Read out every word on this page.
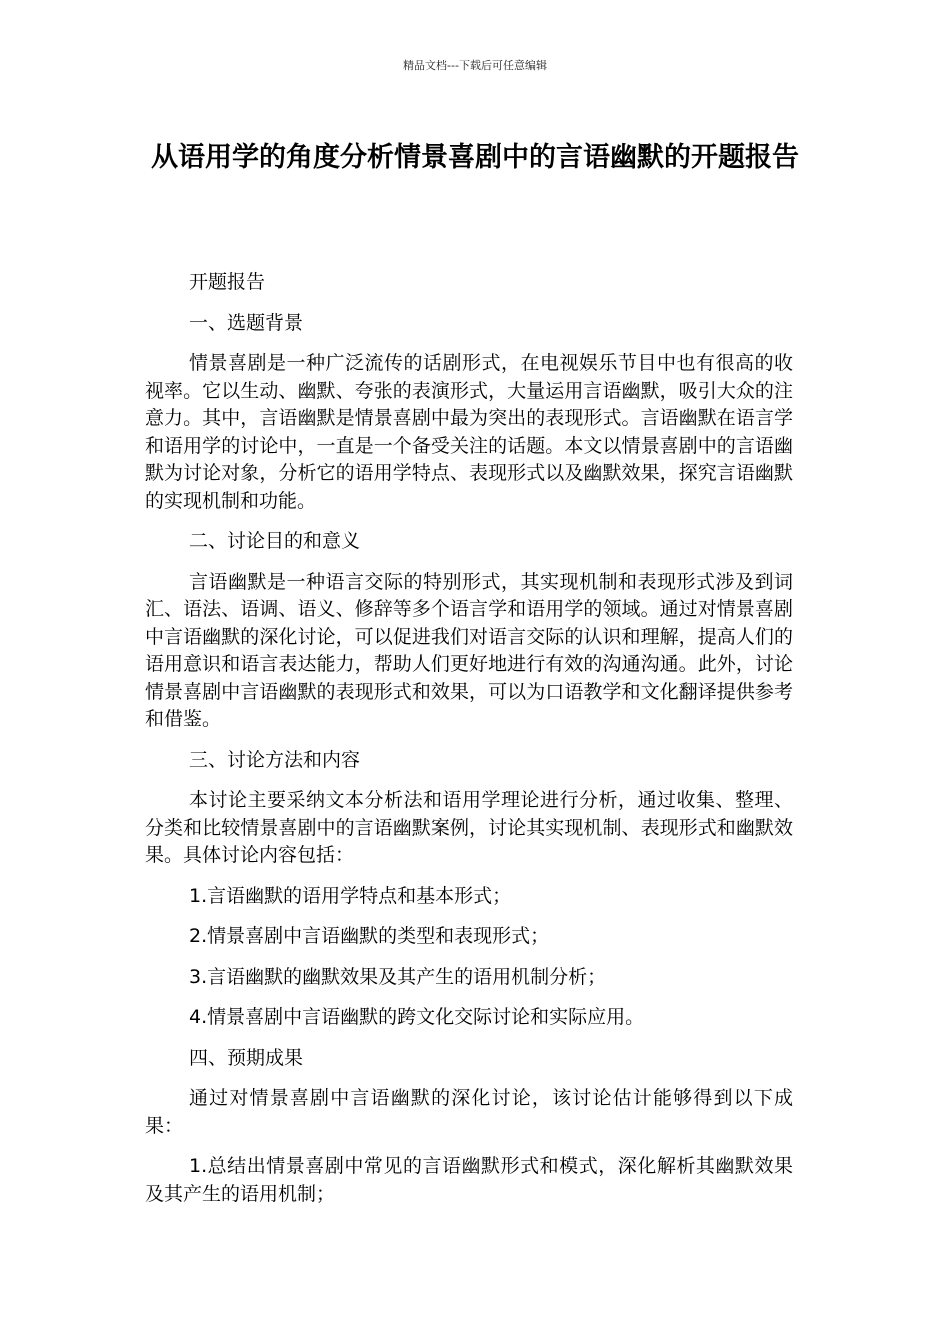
精品文档---下载后可任意编辑
从语用学的角度分析情景喜剧中的言语幽默的开题报告

开题报告

一、选题背景

情景喜剧是一种广泛流传的话剧形式，在电视娱乐节目中也有很高的收视率。它以生动、幽默、夸张的表演形式，大量运用言语幽默，吸引大众的注意力。其中，言语幽默是情景喜剧中最为突出的表现形式。言语幽默在语言学和语用学的讨论中，一直是一个备受关注的话题。本文以情景喜剧中的言语幽默为讨论对象，分析它的语用学特点、表现形式以及幽默效果，探究言语幽默的实现机制和功能。

二、讨论目的和意义

言语幽默是一种语言交际的特别形式，其实现机制和表现形式涉及到词汇、语法、语调、语义、修辞等多个语言学和语用学的领域。通过对情景喜剧中言语幽默的深化讨论，可以促进我们对语言交际的认识和理解，提高人们的语用意识和语言表达能力，帮助人们更好地进行有效的沟通沟通。此外，讨论情景喜剧中言语幽默的表现形式和效果，可以为口语教学和文化翻译提供参考和借鉴。

三、讨论方法和内容

本讨论主要采纳文本分析法和语用学理论进行分析，通过收集、整理、分类和比较情景喜剧中的言语幽默案例，讨论其实现机制、表现形式和幽默效果。具体讨论内容包括：

1.言语幽默的语用学特点和基本形式；

2.情景喜剧中言语幽默的类型和表现形式；

3.言语幽默的幽默效果及其产生的语用机制分析；

4.情景喜剧中言语幽默的跨文化交际讨论和实际应用。

四、预期成果

通过对情景喜剧中言语幽默的深化讨论，该讨论估计能够得到以下成果：

1.总结出情景喜剧中常见的言语幽默形式和模式，深化解析其幽默效果及其产生的语用机制；
